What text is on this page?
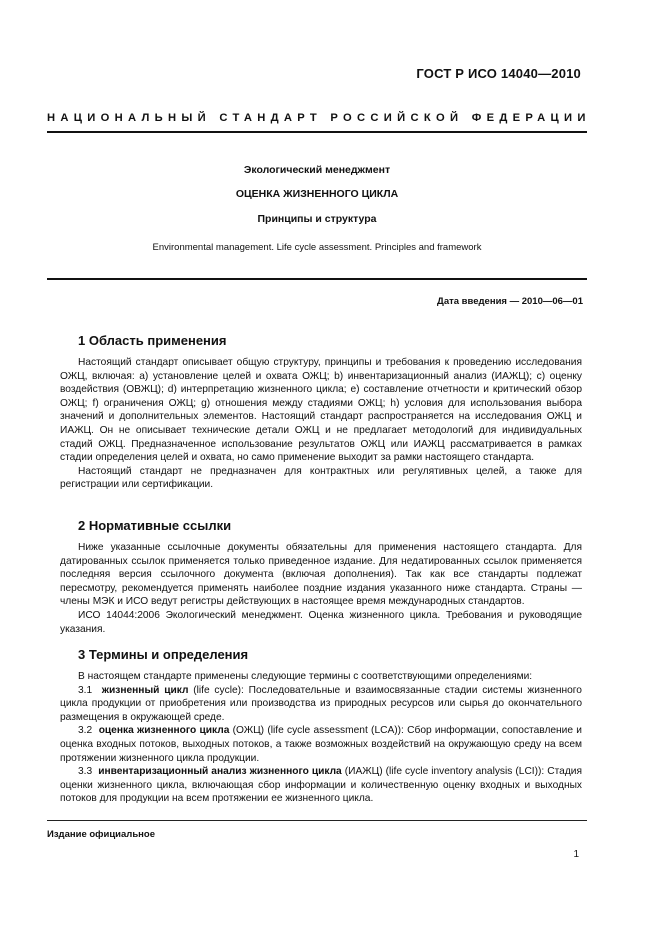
ГОСТ Р ИСО 14040—2010
НАЦИОНАЛЬНЫЙ СТАНДАРТ РОССИЙСКОЙ ФЕДЕРАЦИИ
Экологический менеджмент
ОЦЕНКА ЖИЗНЕННОГО ЦИКЛА
Принципы и структура
Environmental management. Life cycle assessment. Principles and framework
Дата введения — 2010—06—01
1 Область применения

Настоящий стандарт описывает общую структуру, принципы и требования к проведению исследования ОЖЦ, включая: а) установление целей и охвата ОЖЦ; b) инвентаризационный анализ (ИАЖЦ); с) оценку воздействия (ОВЖЦ); d) интерпретацию жизненного цикла; е) составление отчетности и критический обзор ОЖЦ; f) ограничения ОЖЦ; g) отношения между стадиями ОЖЦ; h) условия для использования выбора значений и дополнительных элементов. Настоящий стандарт распространяется на исследования ОЖЦ и ИАЖЦ. Он не описывает технические детали ОЖЦ и не предлагает методологий для индивидуальных стадий ОЖЦ. Предназначенное использование результатов ОЖЦ или ИАЖЦ рассматривается в рамках стадии определения целей и охвата, но само применение выходит за рамки настоящего стандарта.

Настоящий стандарт не предназначен для контрактных или регулятивных целей, а также для регистрации или сертификации.

2 Нормативные ссылки

Ниже указанные ссылочные документы обязательны для применения настоящего стандарта. Для датированных ссылок применяется только приведенное издание. Для недатированных ссылок применяется последняя версия ссылочного документа (включая дополнения). Так как все стандарты подлежат пересмотру, рекомендуется применять наиболее поздние издания указанного ниже стандарта. Страны — члены МЭК и ИСО ведут регистры действующих в настоящее время международных стандартов.

ИСО 14044:2006 Экологический менеджмент. Оценка жизненного цикла. Требования и руководящие указания.

3 Термины и определения

В настоящем стандарте применены следующие термины с соответствующими определениями:

3.1 жизненный цикл (life cycle): Последовательные и взаимосвязанные стадии системы жизненного цикла продукции от приобретения или производства из природных ресурсов или сырья до окончательного размещения в окружающей среде.

3.2 оценка жизненного цикла (ОЖЦ) (life cycle assessment (LCA)): Сбор информации, сопоставление и оценка входных потоков, выходных потоков, а также возможных воздействий на окружающую среду на всем протяжении жизненного цикла продукции.

3.3 инвентаризационный анализ жизненного цикла (ИАЖЦ) (life cycle inventory analysis (LCI)): Стадия оценки жизненного цикла, включающая сбор информации и количественную оценку входных и выходных потоков для продукции на всем протяжении ее жизненного цикла.

Издание официальное
1
